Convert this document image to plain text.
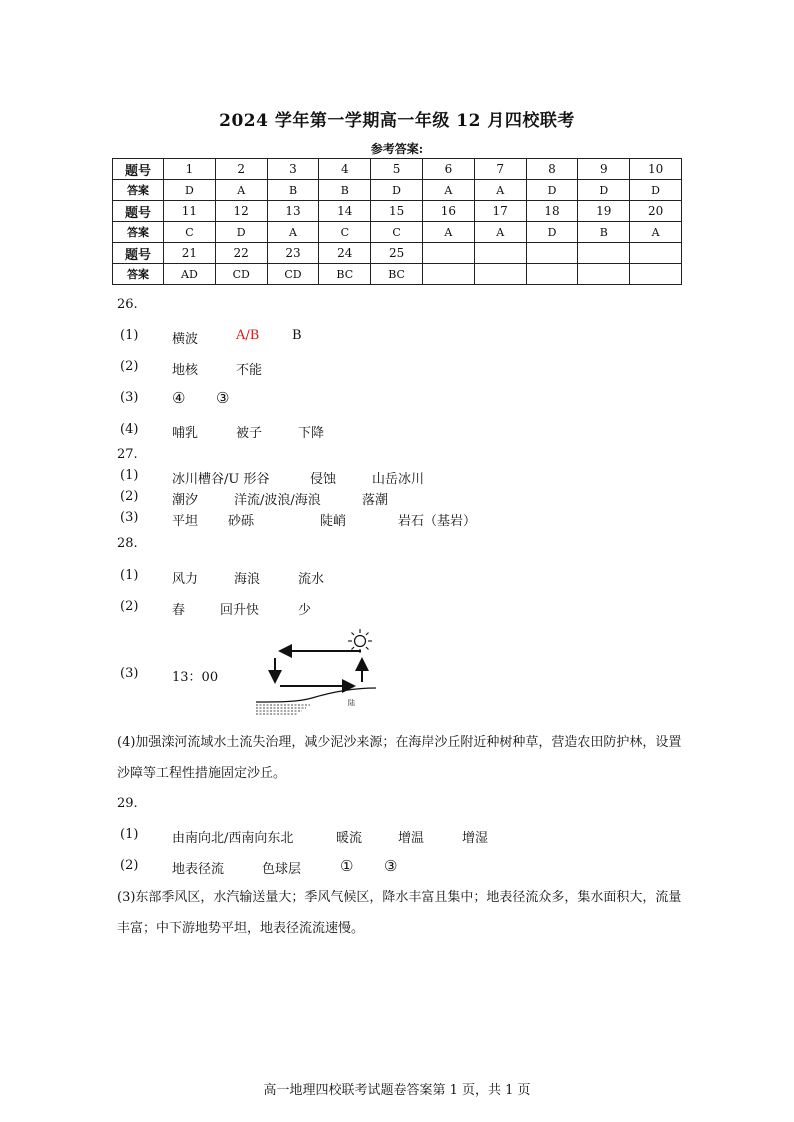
2024 学年第一学期高一年级 12 月四校联考
参考答案:
题号	1	2	3	4	5	6	7	8	9	10
答案	D	A	B	B	D	A	A	D	D	D
题号	11	12	13	14	15	16	17	18	19	20
答案	C	D	A	C	C	A	A	D	B	A
题号	21	22	23	24	25					
答案	AD	CD	CD	BC	BC					
26.
(1)	横波	A/B	B
(2)	地核	不能
(3) ④ ③
(4)	哺乳	被子	下降
27.
(1)	冰川槽谷/U 形谷	侵蚀	山岳冰川
(2)	潮汐	洋流/波浪/海浪	落潮
(3)	平坦 砂砾	陡峭	岩石（基岩）
28.
(1)	风力	海浪	流水
(2)	春	回升快	少
(3)	13：00
陆
(4)加强滦河流域水土流失治理，减少泥沙来源；在海岸沙丘附近种树种草，营造农田防护林，设置沙障等工程性措施固定沙丘。
29.
(1)	由南向北/西南向东北	暖流	增温	增湿
(2)	地表径流	色球层	① ③
(3)东部季风区，水汽输送量大；季风气候区，降水丰富且集中；地表径流众多，集水面积大，流量丰富；中下游地势平坦，地表径流流速慢。
高一地理四校联考试题卷答案第 1 页，共 1 页
